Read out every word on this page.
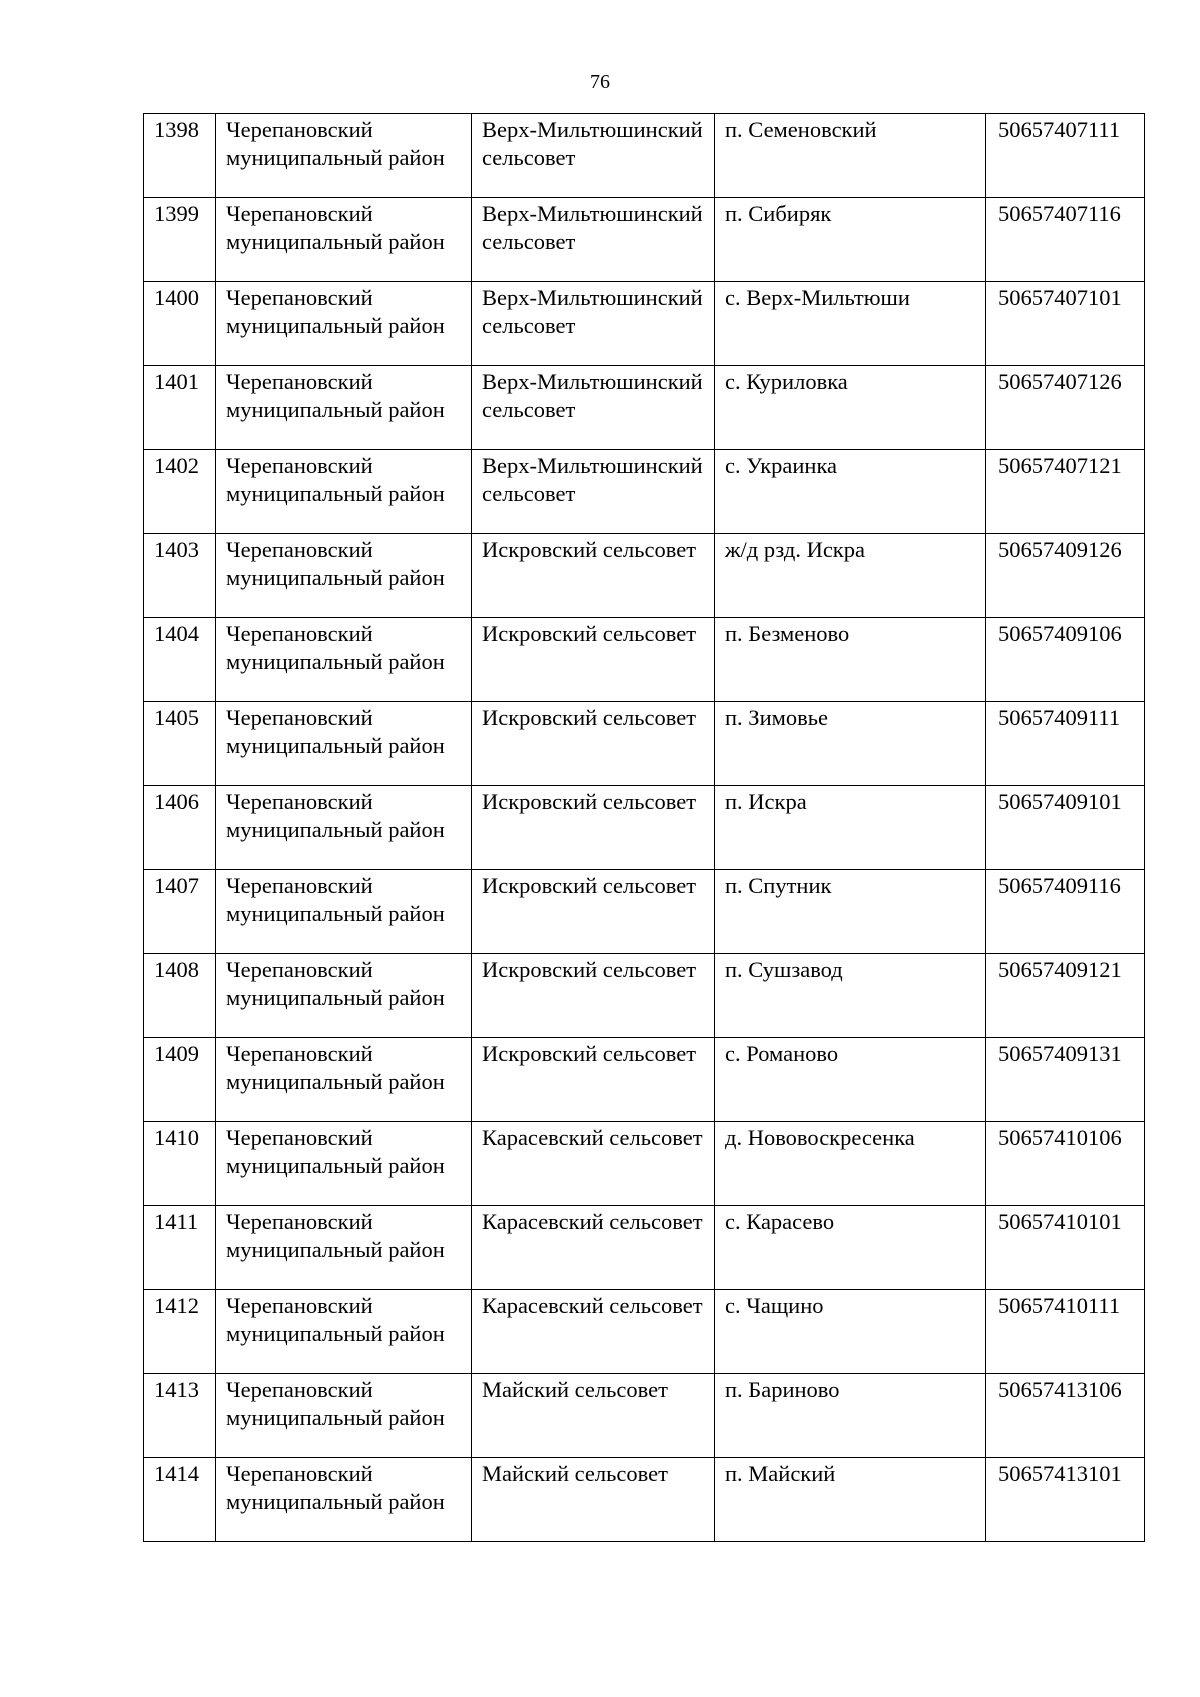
76
1398	Черепановский муниципальный район	Верх-Мильтюшинский сельсовет	п. Семеновский	50657407111
1399	Черепановский муниципальный район	Верх-Мильтюшинский сельсовет	п. Сибиряк	50657407116
1400	Черепановский муниципальный район	Верх-Мильтюшинский сельсовет	с. Верх-Мильтюши	50657407101
1401	Черепановский муниципальный район	Верх-Мильтюшинский сельсовет	с. Куриловка	50657407126
1402	Черепановский муниципальный район	Верх-Мильтюшинский сельсовет	с. Украинка	50657407121
1403	Черепановский муниципальный район	Искровский сельсовет	ж/д рзд. Искра	50657409126
1404	Черепановский муниципальный район	Искровский сельсовет	п. Безменово	50657409106
1405	Черепановский муниципальный район	Искровский сельсовет	п. Зимовье	50657409111
1406	Черепановский муниципальный район	Искровский сельсовет	п. Искра	50657409101
1407	Черепановский муниципальный район	Искровский сельсовет	п. Спутник	50657409116
1408	Черепановский муниципальный район	Искровский сельсовет	п. Сушзавод	50657409121
1409	Черепановский муниципальный район	Искровский сельсовет	с. Романово	50657409131
1410	Черепановский муниципальный район	Карасевский сельсовет	д. Нововоскресенка	50657410106
1411	Черепановский муниципальный район	Карасевский сельсовет	с. Карасево	50657410101
1412	Черепановский муниципальный район	Карасевский сельсовет	с. Чащино	50657410111
1413	Черепановский муниципальный район	Майский сельсовет	п. Бариново	50657413106
1414	Черепановский муниципальный район	Майский сельсовет	п. Майский	50657413101
